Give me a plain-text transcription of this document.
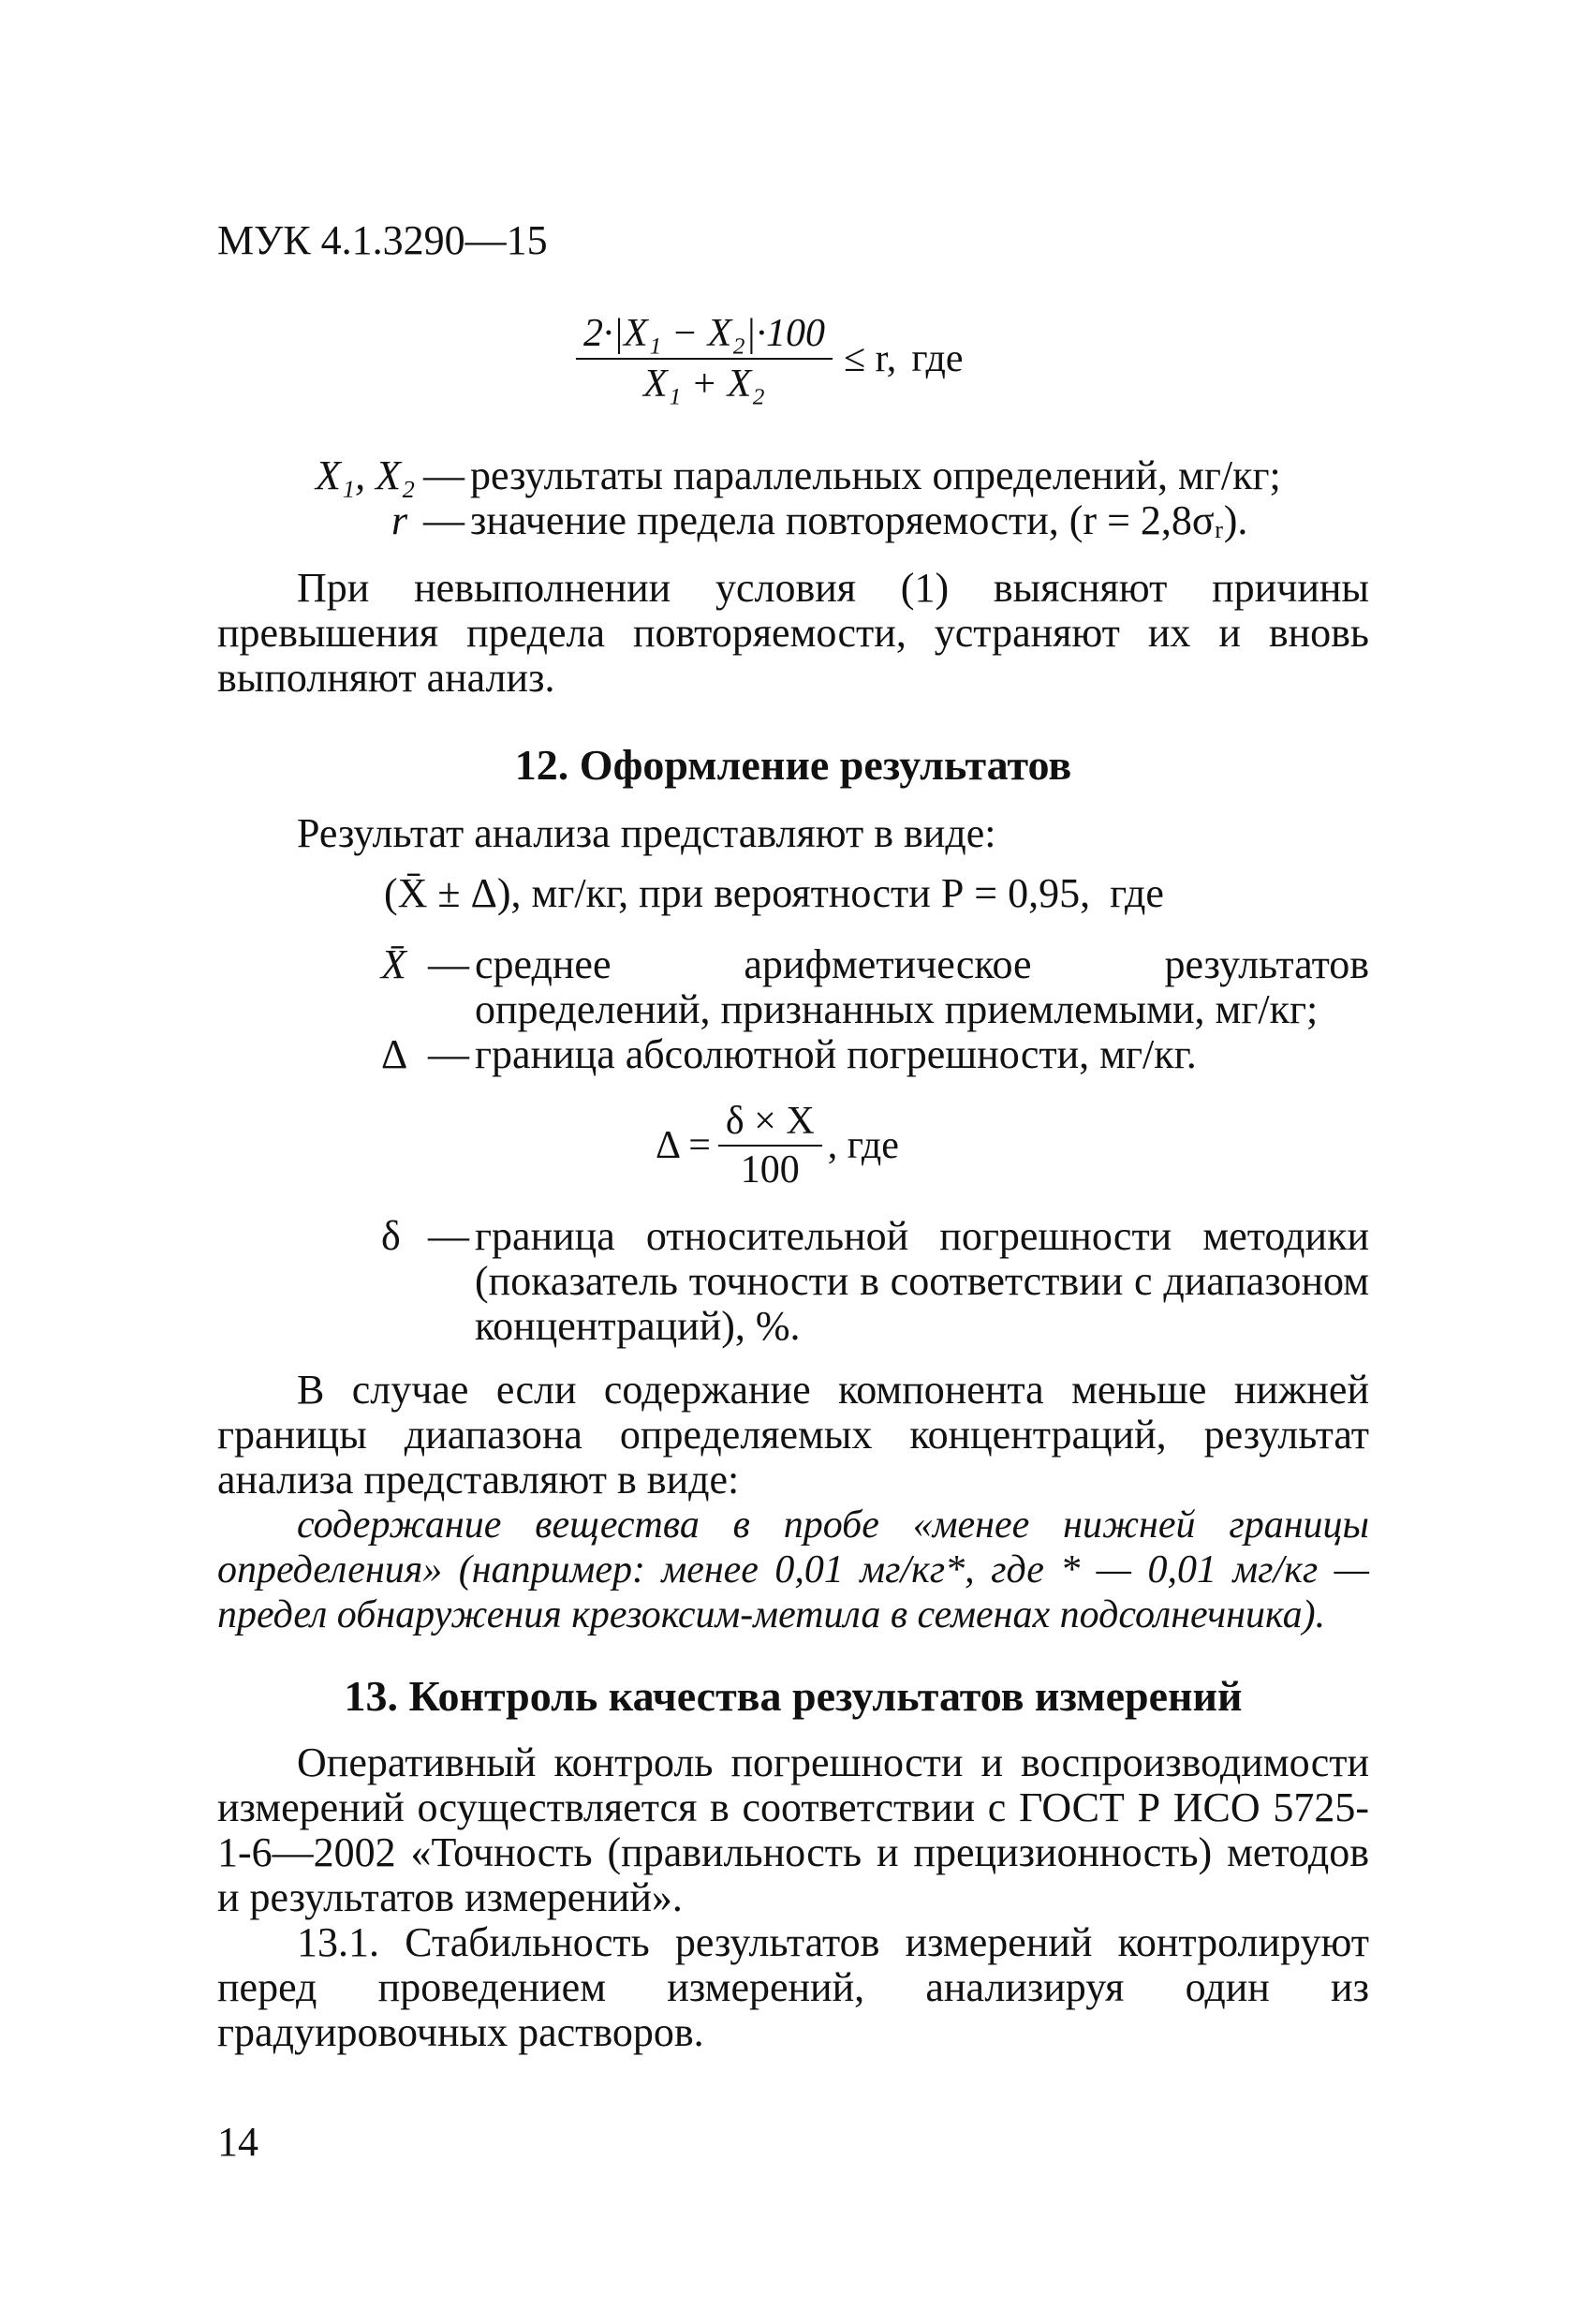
МУК 4.1.3290—15
$\frac{\text{2·|X₁ − X₂|·100}}{\text{X₁ + X₂}} \le r$, где
X₁, X₂ — результаты параллельных определений, мг/кг;
r — значение предела повторяемости, (r = 2,8σᵣ).
При невыполнении условия (1) выясняют причины превышения предела повторяемости, устраняют их и вновь выполняют анализ.
12. Оформление результатов
Результат анализа представляют в виде:
(X̄ ± Δ), мг/кг, при вероятности Р = 0,95, где
X̄ — среднее арифметическое результатов определений, признанных приемлемыми, мг/кг;
Δ — граница абсолютной погрешности, мг/кг.
$\Delta = \frac{\delta \times X}{100}$ , где
δ — граница относительной погрешности методики (показатель точности в соответствии с диапазоном концентраций), %.
В случае если содержание компонента меньше нижней границы диапазона определяемых концентраций, результат анализа представляют в виде:
содержание вещества в пробе «менее нижней границы определения» (например: менее 0,01 мг/кг*, где * — 0,01 мг/кг — предел обнаружения крезоксим-метила в семенах подсолнечника).
13. Контроль качества результатов измерений
Оперативный контроль погрешности и воспроизводимости измерений осуществляется в соответствии с ГОСТ Р ИСО 5725-1-6—2002 «Точность (правильность и прецизионность) методов и результатов измерений».
13.1. Стабильность результатов измерений контролируют перед проведением измерений, анализируя один из градуировочных растворов.
14
